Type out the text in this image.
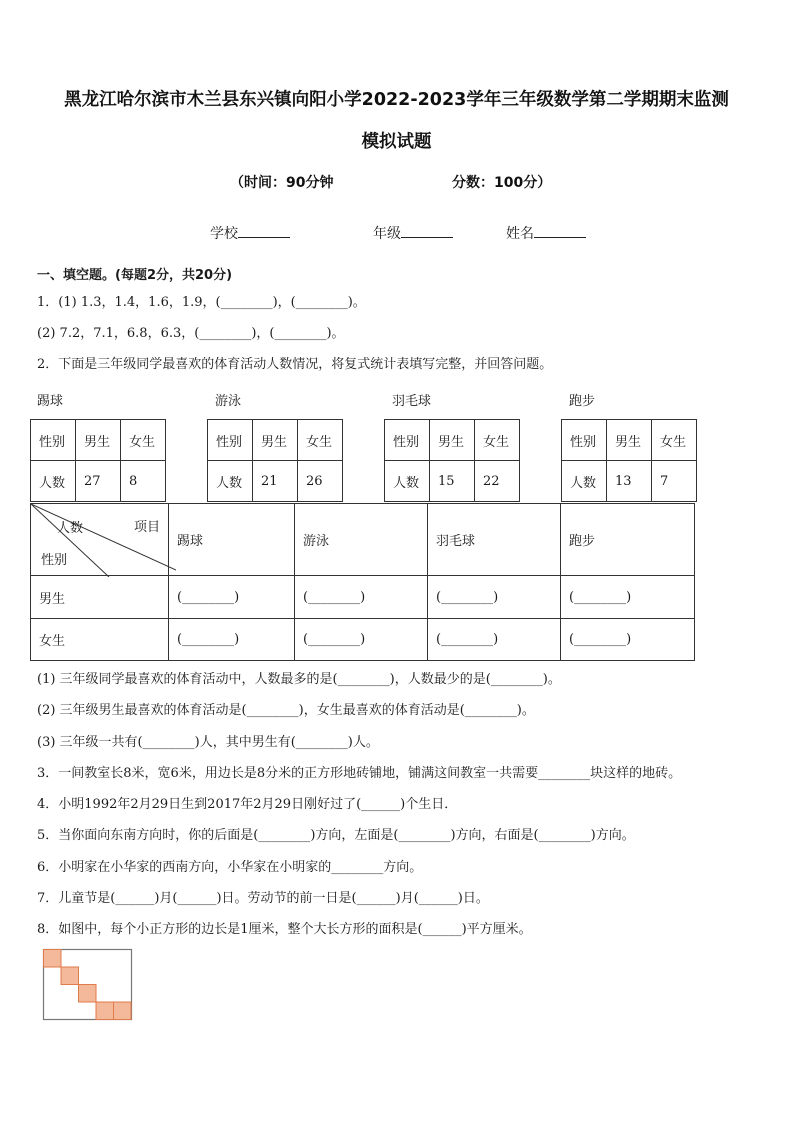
黑龙江哈尔滨市木兰县东兴镇向阳小学2022-2023学年三年级数学第二学期期末监测
模拟试题
（时间：90分钟	分数：100分）
学校	年级	姓名
一、填空题。(每题2分，共20分)
1．(1) 1.3，1.4，1.6，1.9，(________)，(________)。
(2) 7.2，7.1，6.8，6.3，(________)，(________)。
2．下面是三年级同学最喜欢的体育活动人数情况，将复式统计表填写完整，并回答问题。
踢球	游泳	羽毛球	跑步
性别	男生	女生
人数	27	8
性别	男生	女生
人数	21	26
性别	男生	女生
人数	15	22
性别	男生	女生
人数	13	7
人数 项目
性别	踢球	游泳	羽毛球	跑步
男生	(________)	(________)	(________)	(________)
女生	(________)	(________)	(________)	(________)
(1) 三年级同学最喜欢的体育活动中，人数最多的是(________)，人数最少的是(________)。
(2) 三年级男生最喜欢的体育活动是(________)，女生最喜欢的体育活动是(________)。
(3) 三年级一共有(________)人，其中男生有(________)人。
3．一间教室长8米，宽6米，用边长是8分米的正方形地砖铺地，铺满这间教室一共需要________块这样的地砖。
4．小明1992年2月29日生到2017年2月29日刚好过了(______)个生日．
5．当你面向东南方向时，你的后面是(________)方向，左面是(________)方向，右面是(________)方向。
6．小明家在小华家的西南方向，小华家在小明家的________方向。
7．儿童节是(______)月(______)日。劳动节的前一日是(______)月(______)日。
8．如图中，每个小正方形的边长是1厘米，整个大长方形的面积是(______)平方厘米。
